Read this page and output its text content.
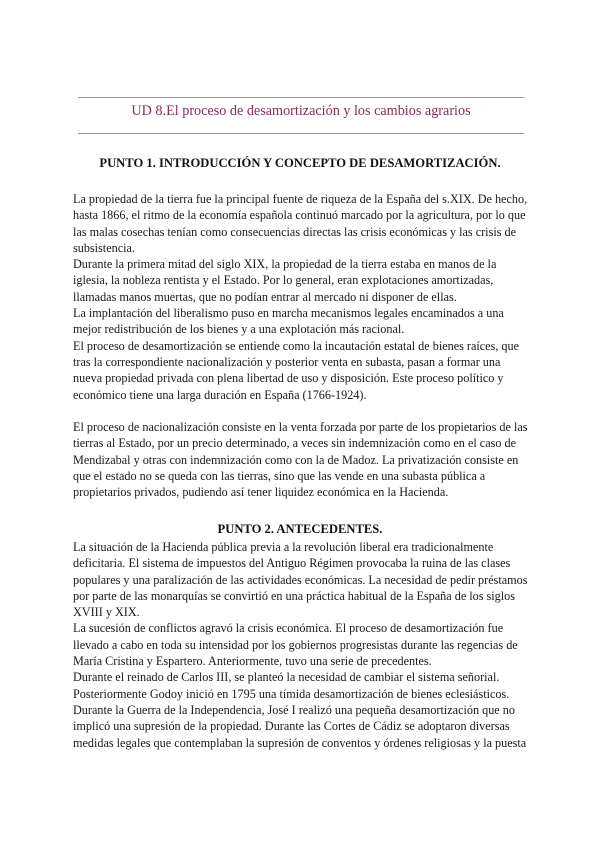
UD 8.El proceso de desamortización y los cambios agrarios
PUNTO 1. INTRODUCCIÓN Y CONCEPTO DE DESAMORTIZACIÓN.
La propiedad de la tierra fue la principal fuente de riqueza de la España del s.XIX. De hecho,
hasta 1866, el ritmo de la economía española continuó marcado por la agricultura, por lo que
las malas cosechas tenían como consecuencias directas las crisis económicas y las crisis de
subsistencia.
Durante la primera mitad del siglo XIX, la propiedad de la tierra estaba en manos de la
iglesia, la nobleza rentista y el Estado. Por lo general, eran explotaciones amortizadas,
llamadas manos muertas, que no podían entrar al mercado ni disponer de ellas.
La implantación del liberalismo puso en marcha mecanismos legales encaminados a una
mejor redistribución de los bienes y a una explotación más racional.
El proceso de desamortización se entiende como la incautación estatal de bienes raíces, que
tras la correspondiente nacionalización y posterior venta en subasta, pasan a formar una
nueva propiedad privada con plena libertad de uso y disposición. Este proceso político y
económico tiene una larga duración en España (1766-1924).
El proceso de nacionalización consiste en la venta forzada por parte de los propietarios de las
tierras al Estado, por un precio determinado, a veces sin indemnización como en el caso de
Mendizabal y otras con indemnización como con la de Madoz. La privatización consiste en
que el estado no se queda con las tierras, sino que las vende en una subasta pública a
propietarios privados, pudiendo así tener liquidez económica en la Hacienda.
PUNTO 2. ANTECEDENTES.
La situación de la Hacienda pública previa a la revolución liberal era tradicionalmente
deficitaria. El sistema de impuestos del Antiguo Régimen provocaba la ruina de las clases
populares y una paralización de las actividades económicas. La necesidad de pedir préstamos
por parte de las monarquías se convirtió en una práctica habitual de la España de los siglos
XVIII y XIX.
La sucesión de conflictos agravó la crisis económica. El proceso de desamortización fue
llevado a cabo en toda su intensidad por los gobiernos progresistas durante las regencias de
María Cristina y Espartero. Anteriormente, tuvo una serie de precedentes.
Durante el reinado de Carlos III, se planteó la necesidad de cambiar el sistema señorial.
Posteriormente Godoy inició en 1795 una tímida desamortización de bienes eclesiásticos.
Durante la Guerra de la Independencia, José I realizó una pequeña desamortización que no
implicó una supresión de la propiedad. Durante las Cortes de Cádiz se adoptaron diversas
medidas legales que contemplaban la supresión de conventos y órdenes religiosas y la puesta
